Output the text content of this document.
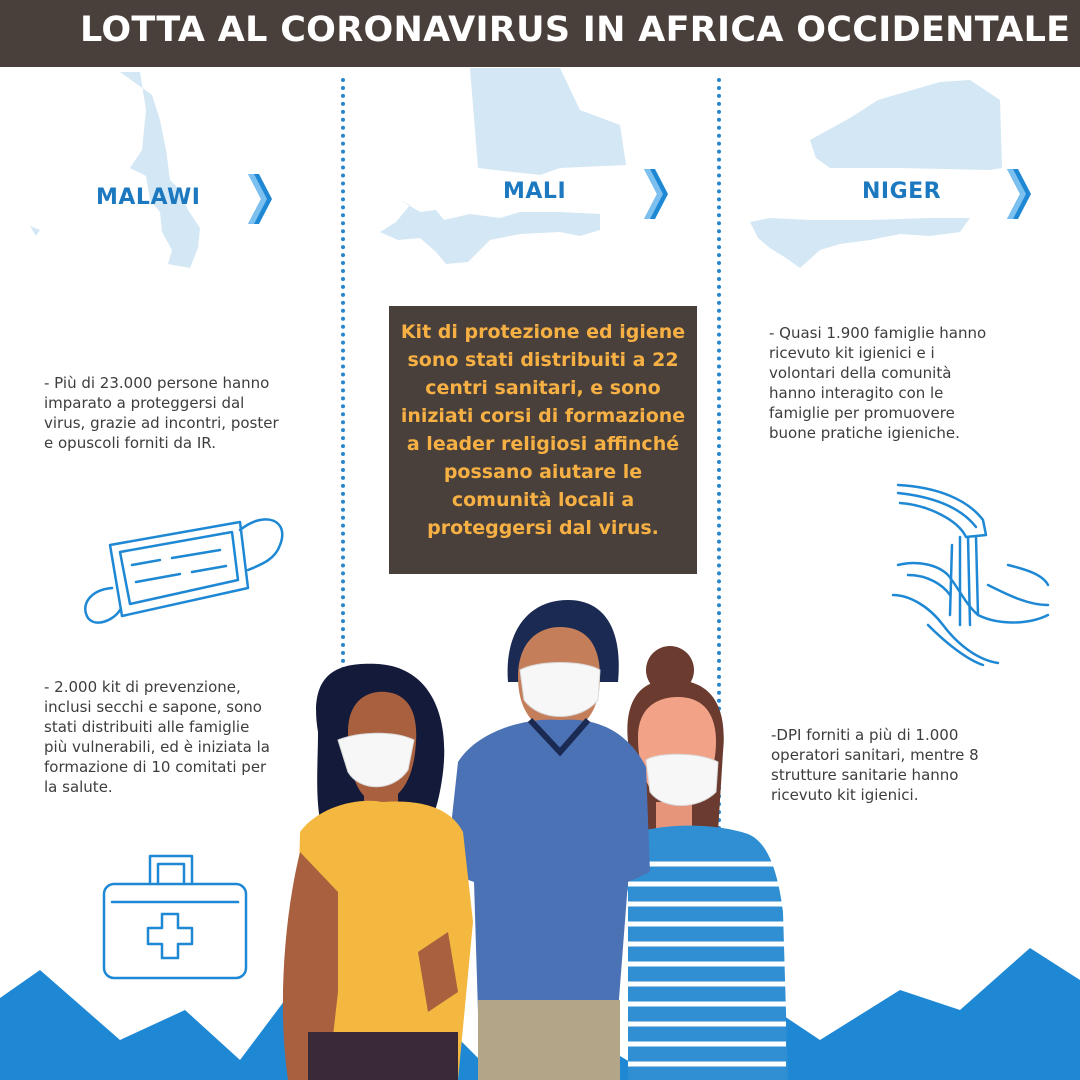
LOTTA AL CORONAVIRUS IN AFRICA OCCIDENTALE
MALAWI	MALI	NIGER
- Più di 23.000 persone hanno imparato a proteggersi dal virus, grazie ad incontri, poster e opuscoli forniti da IR.
- 2.000 kit di prevenzione, inclusi secchi e sapone, sono stati distribuiti alle famiglie più vulnerabili, ed è iniziata la formazione di 10 comitati per la salute.

Kit di protezione ed igiene sono stati distribuiti a 22 centri sanitari, e sono iniziati corsi di formazione a leader religiosi affinché possano aiutare le comunità locali a proteggersi dal virus.

- Quasi 1.900 famiglie hanno ricevuto kit igienici e i volontari della comunità hanno interagito con le famiglie per promuovere buone pratiche igieniche.
-DPI forniti a più di 1.000 operatori sanitari, mentre 8 strutture sanitarie hanno ricevuto kit igienici.
